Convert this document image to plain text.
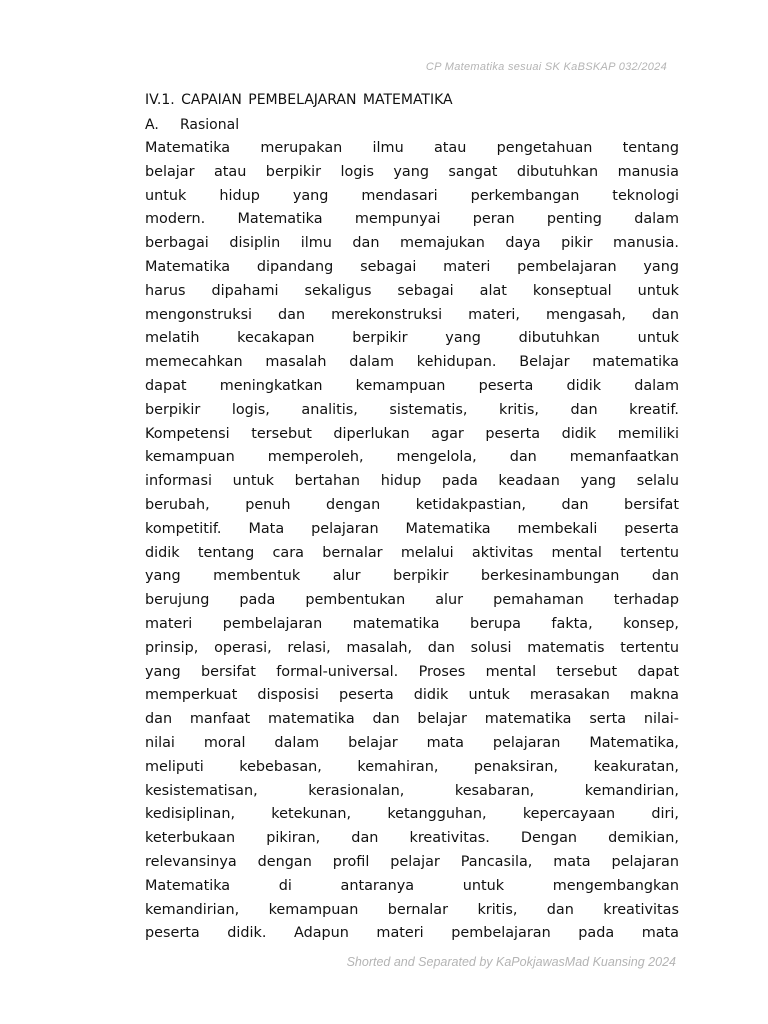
CP Matematika sesuai SK KaBSKAP 032/2024
IV.1. CAPAIAN PEMBELAJARAN MATEMATIKA
A. Rasional
Matematika merupakan ilmu atau pengetahuan tentang
belajar atau berpikir logis yang sangat dibutuhkan manusia
untuk hidup yang mendasari perkembangan teknologi
modern. Matematika mempunyai peran penting dalam
berbagai disiplin ilmu dan memajukan daya pikir manusia.
Matematika dipandang sebagai materi pembelajaran yang
harus dipahami sekaligus sebagai alat konseptual untuk
mengonstruksi dan merekonstruksi materi, mengasah, dan
melatih kecakapan berpikir yang dibutuhkan untuk
memecahkan masalah dalam kehidupan. Belajar matematika
dapat meningkatkan kemampuan peserta didik dalam
berpikir logis, analitis, sistematis, kritis, dan kreatif.
Kompetensi tersebut diperlukan agar peserta didik memiliki
kemampuan memperoleh, mengelola, dan memanfaatkan
informasi untuk bertahan hidup pada keadaan yang selalu
berubah, penuh dengan ketidakpastian, dan bersifat
kompetitif. Mata pelajaran Matematika membekali peserta
didik tentang cara bernalar melalui aktivitas mental tertentu
yang membentuk alur berpikir berkesinambungan dan
berujung pada pembentukan alur pemahaman terhadap
materi pembelajaran matematika berupa fakta, konsep,
prinsip, operasi, relasi, masalah, dan solusi matematis tertentu
yang bersifat formal-universal. Proses mental tersebut dapat
memperkuat disposisi peserta didik untuk merasakan makna
dan manfaat matematika dan belajar matematika serta nilai-
nilai moral dalam belajar mata pelajaran Matematika,
meliputi kebebasan, kemahiran, penaksiran, keakuratan,
kesistematisan, kerasionalan, kesabaran, kemandirian,
kedisiplinan, ketekunan, ketangguhan, kepercayaan diri,
keterbukaan pikiran, dan kreativitas. Dengan demikian,
relevansinya dengan profil pelajar Pancasila, mata pelajaran
Matematika di antaranya untuk mengembangkan
kemandirian, kemampuan bernalar kritis, dan kreativitas
peserta didik. Adapun materi pembelajaran pada mata
Shorted and Separated by KaPokjawasMad Kuansing 2024
